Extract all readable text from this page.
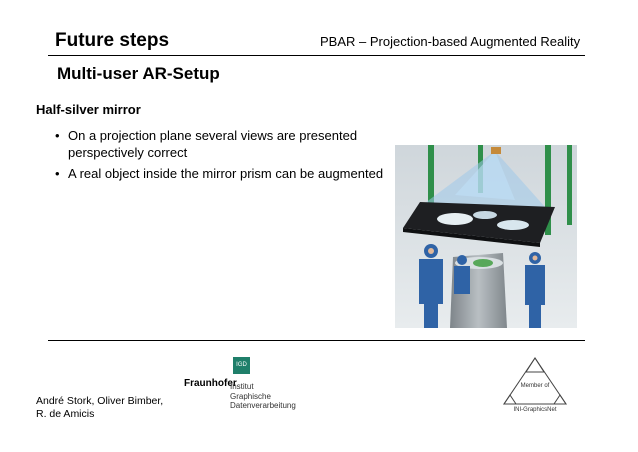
Future steps	PBAR – Projection-based Augmented Reality
Multi-user AR-Setup
Half-silver mirror
• On a projection plane several views are presented perspectively correct
• A real object inside the mirror prism can be augmented
André Stork, Oliver Bimber,
R. de Amicis
IGD
Fraunhofer
Institut
Graphische
Datenverarbeitung
Member of
INI-GraphicsNet
